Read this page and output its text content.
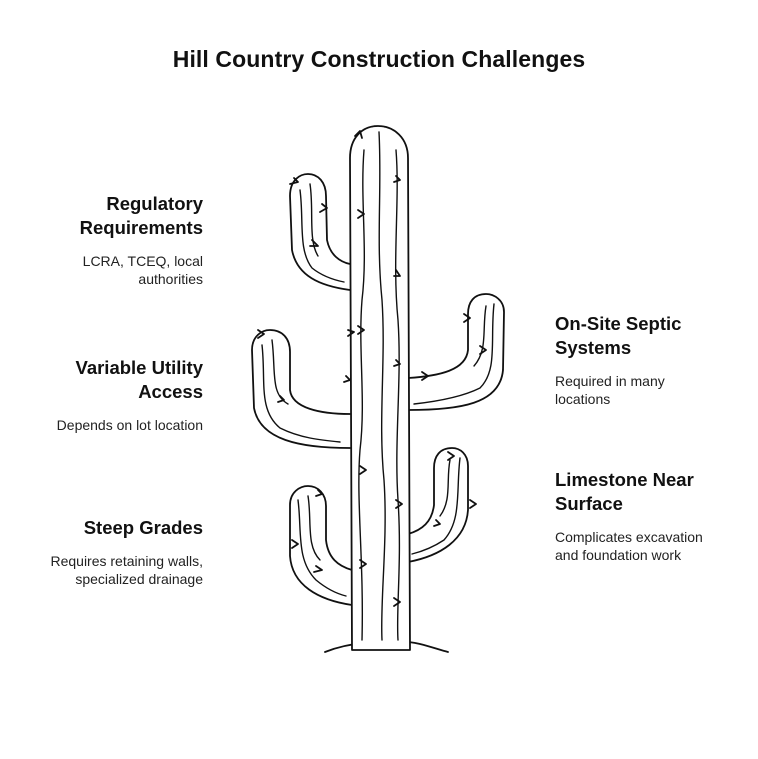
Hill Country Construction Challenges
Regulatory
Requirements
LCRA, TCEQ, local
authorities
Variable Utility
Access
Depends on lot location
Steep Grades
Requires retaining walls,
specialized drainage
On-Site Septic
Systems
Required in many
locations
Limestone Near
Surface
Complicates excavation
and foundation work
